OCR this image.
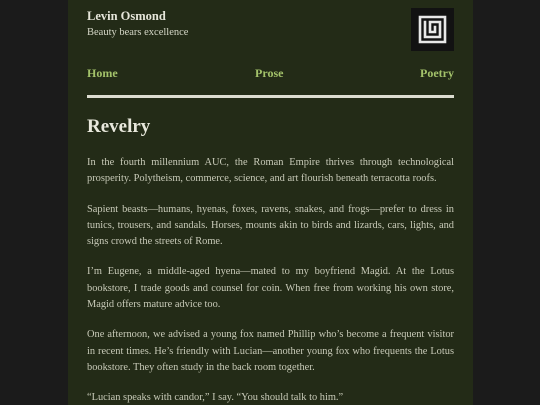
Levin Osmond
Beauty bears excellence
Home	Prose	Poetry
Revelry

In the fourth millennium AUC, the Roman Empire thrives through technological prosperity. Polytheism, commerce, science, and art flourish beneath terracotta roofs.

Sapient beasts—humans, hyenas, foxes, ravens, snakes, and frogs—prefer to dress in tunics, trousers, and sandals. Horses, mounts akin to birds and lizards, cars, lights, and signs crowd the streets of Rome.

I’m Eugene, a middle-aged hyena—mated to my boyfriend Magid. At the Lotus bookstore, I trade goods and counsel for coin. When free from working his own store, Magid offers mature advice too.

One afternoon, we advised a young fox named Phillip who’s become a frequent visitor in recent times. He’s friendly with Lucian—another young fox who frequents the Lotus bookstore. They often study in the back room together.

“Lucian speaks with candor,” I say. “You should talk to him.”
